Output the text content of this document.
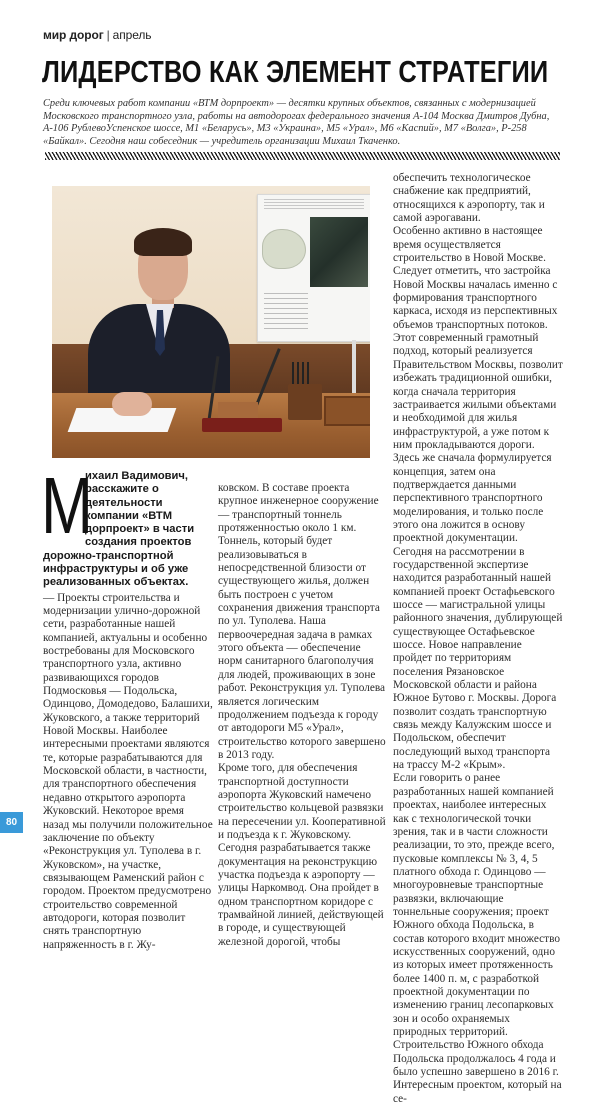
мир дорог | апрель
ЛИДЕРСТВО КАК ЭЛЕМЕНТ СТРАТЕГИИ

Среди ключевых работ компании «ВТМ дорпроект» — десятки крупных объектов, связанных с модернизацией Московского транспортного узла, работы на автодорогах федерального значения А-104 Москва Дмитров Дубна, А-106 РублевоУспенское шоссе, М1 «Беларусь», М3 «Украина», М5 «Урал», М6 «Каспий», М7 «Волга», Р-258 «Байкал». Сегодня наш собеседник — учредитель организации Михаил Ткаченко.

М
ихаил Вадимович, расскажите о деятельности компании «ВТМ дорпроект» в части создания проектов дорожно-транспортной инфраструктуры и об уже реализованных объектах.

— Проекты строительства и модернизации улично-дорожной сети, разработанные нашей компанией, актуальны и особенно востребованы для Московского транспортного узла, активно развивающихся городов Подмосковья — Подольска, Одинцово, Домодедово, Балашихи, Жуковского, а также территорий Новой Москвы. Наиболее интересными проектами являются те, которые разрабатываются для Московской области, в частности, для транспортного обеспечения недавно открытого аэропорта Жуковский. Некоторое время назад мы получили положительное заключение по объекту «Реконструкция ул. Туполева в г. Жуковском», на участке, связывающем Раменский район с городом. Проектом предусмотрено строительство современной автодороги, которая позволит снять транспортную напряженность в г. Жу-

ковском. В составе проекта крупное инженерное сооружение — транспортный тоннель протяженностью около 1 км. Тоннель, который будет реализовываться в непосредственной близости от существующего жилья, должен быть построен с учетом сохранения движения транспорта по ул. Туполева. Наша первоочередная задача в рамках этого объекта — обеспечение норм санитарного благополучия для людей, проживающих в зоне работ. Реконструкция ул. Туполева является логическим продолжением подъезда к городу от автодороги М5 «Урал», строительство которого завершено в 2013 году.

Кроме того, для обеспечения транспортной доступности аэропорта Жуковский намечено строительство кольцевой развязки на пересечении ул. Кооперативной и подъезда к г. Жуковскому.

Сегодня разрабатывается также документация на реконструкцию участка подъезда к аэропорту — улицы Наркомвод. Она пройдет в одном транспортном коридоре с трамвайной линией, действующей в городе, и существующей железной дорогой, чтобы

обеспечить технологическое снабжение как предприятий, относящихся к аэропорту, так и самой аэрогавани.

Особенно активно в настоящее время осуществляется строительство в Новой Москве. Следует отметить, что застройка Новой Москвы началась именно с формирования транспортного каркаса, исходя из перспективных объемов транспортных потоков. Этот современный грамотный подход, который реализуется Правительством Москвы, позволит избежать традиционной ошибки, когда сначала территория застраивается жилыми объектами и необходимой для жилья инфраструктурой, а уже потом к ним прокладываются дороги. Здесь же сначала формулируется концепция, затем она подтверждается данными перспективного транспортного моделирования, и только после этого она ложится в основу проектной документации.

Сегодня на рассмотрении в государственной экспертизе находится разработанный нашей компанией проект Остафьевского шоссе — магистральной улицы районного значения, дублирующей существующее Остафьевское шоссе. Новое направление пройдет по территориям поселения Рязановское Московской области и района Южное Бутово г. Москвы. Дорога позволит создать транспортную связь между Калужским шоссе и Подольском, обеспечит последующий выход транспорта на трассу М-2 «Крым».

Если говорить о ранее разработанных нашей компанией проектах, наиболее интересных как с технологической точки зрения, так и в части сложности реализации, то это, прежде всего, пусковые комплексы № 3, 4, 5 платного обхода г. Одинцово — многоуровневые транспортные развязки, включающие тоннельные сооружения; проект Южного обхода Подольска, в состав которого входит множество искусственных сооружений, одно из которых имеет протяженность более 1400 п. м, с разработкой проектной документации по изменению границ лесопарковых зон и особо охраняемых природных территорий. Строительство Южного обхода Подольска продолжалось 4 года и было успешно завершено в 2016 г.

Интересным проектом, который на се-

80
